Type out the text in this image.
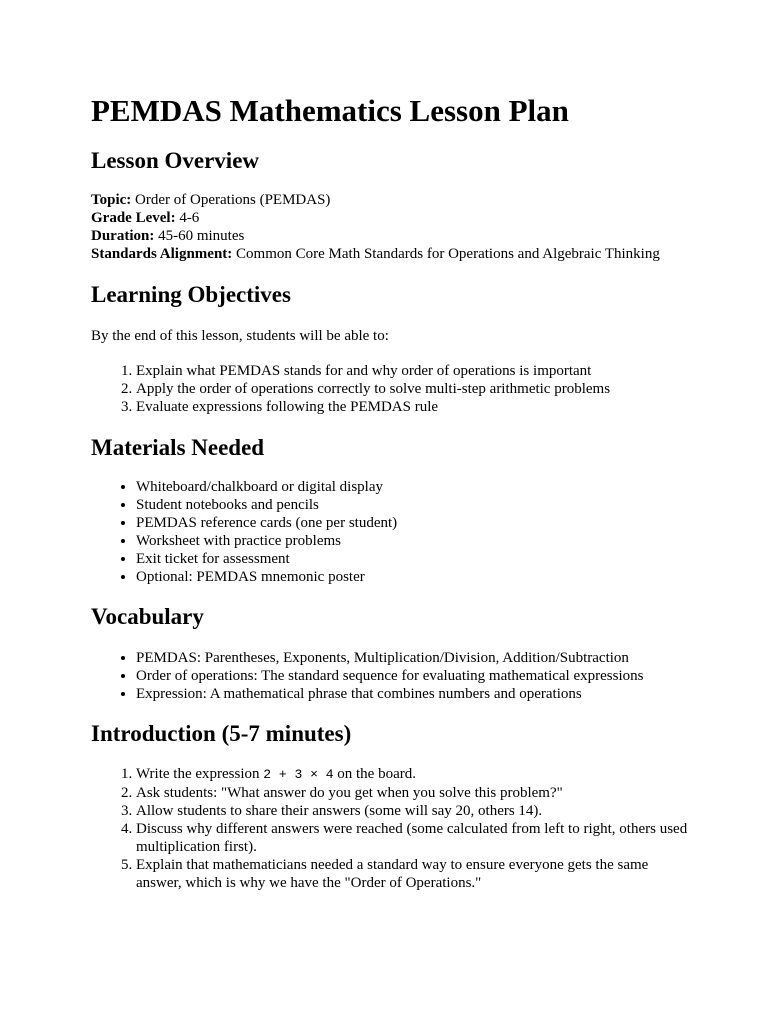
PEMDAS Mathematics Lesson Plan
Lesson Overview
Topic: Order of Operations (PEMDAS)
Grade Level: 4-6
Duration: 45-60 minutes
Standards Alignment: Common Core Math Standards for Operations and Algebraic Thinking
Learning Objectives

By the end of this lesson, students will be able to:

1. Explain what PEMDAS stands for and why order of operations is important
2. Apply the order of operations correctly to solve multi-step arithmetic problems
3. Evaluate expressions following the PEMDAS rule
Materials Needed
• Whiteboard/chalkboard or digital display
• Student notebooks and pencils
• PEMDAS reference cards (one per student)
• Worksheet with practice problems
• Exit ticket for assessment
• Optional: PEMDAS mnemonic poster
Vocabulary
• PEMDAS: Parentheses, Exponents, Multiplication/Division, Addition/Subtraction
• Order of operations: The standard sequence for evaluating mathematical expressions
• Expression: A mathematical phrase that combines numbers and operations
Introduction (5-7 minutes)
1. Write the expression 2 + 3 × 4 on the board.
2. Ask students: "What answer do you get when you solve this problem?"
3. Allow students to share their answers (some will say 20, others 14).
4. Discuss why different answers were reached (some calculated from left to right, others used multiplication first).
5. Explain that mathematicians needed a standard way to ensure everyone gets the same answer, which is why we have the "Order of Operations."
